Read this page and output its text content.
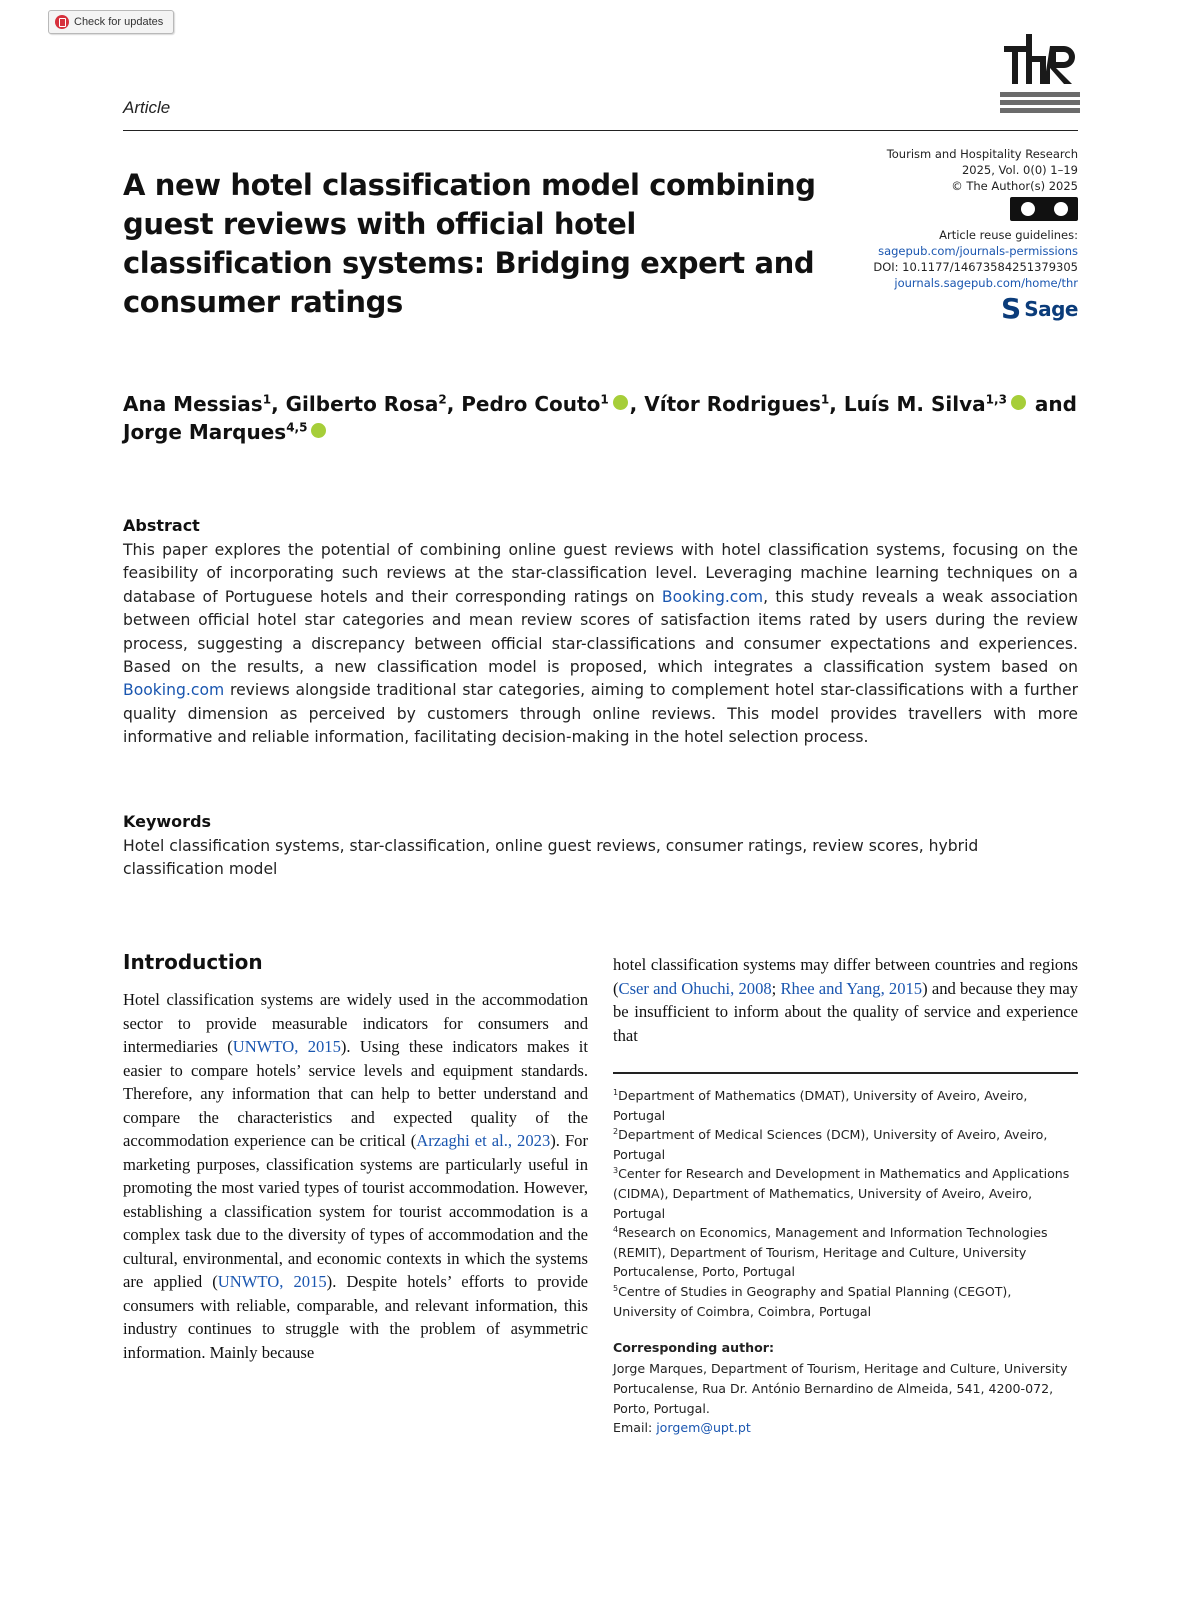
Check for updates
Article
A new hotel classification model combining guest reviews with official hotel classification systems: Bridging expert and consumer ratings
Tourism and Hospitality Research
2025, Vol. 0(0) 1–19
© The Author(s) 2025
Article reuse guidelines:
sagepub.com/journals-permissions
DOI: 10.1177/14673584251379305
journals.sagepub.com/home/thr
S Sage

Ana Messias$^1$, Gilberto Rosa$^2$, Pedro Couto$^1$ , Vítor Rodrigues$^1$, Luís M. Silva$^{1,3}$ and Jorge Marques$^{4,5}$

Abstract

This paper explores the potential of combining online guest reviews with hotel classification systems, focusing on the feasibility of incorporating such reviews at the star-classification level. Leveraging machine learning techniques on a database of Portuguese hotels and their corresponding ratings on Booking.com, this study reveals a weak association between official hotel star categories and mean review scores of satisfaction items rated by users during the review process, suggesting a discrepancy between official star-classifications and consumer expectations and experiences. Based on the results, a new classification model is proposed, which integrates a classification system based on Booking.com reviews alongside traditional star categories, aiming to complement hotel star-classifications with a further quality dimension as perceived by customers through online reviews. This model provides travellers with more informative and reliable information, facilitating decision-making in the hotel selection process.

Keywords

Hotel classification systems, star-classification, online guest reviews, consumer ratings, review scores, hybrid classification model

Introduction

Hotel classification systems are widely used in the accommodation sector to provide measurable indicators for consumers and intermediaries (UNWTO, 2015). Using these indicators makes it easier to compare hotels’ service levels and equipment standards. Therefore, any information that can help to better understand and compare the characteristics and expected quality of the accommodation experience can be critical (Arzaghi et al., 2023). For marketing purposes, classification systems are particularly useful in promoting the most varied types of tourist accommodation. However, establishing a classification system for tourist accommodation is a complex task due to the diversity of types of accommodation and the cultural, environmental, and economic contexts in which the systems are applied (UNWTO, 2015). Despite hotels’ efforts to provide consumers with reliable, comparable, and relevant information, this industry continues to struggle with the problem of asymmetric information. Mainly because

hotel classification systems may differ between countries and regions (Cser and Ohuchi, 2008; Rhee and Yang, 2015) and because they may be insufficient to inform about the quality of service and experience that

$^1$Department of Mathematics (DMAT), University of Aveiro, Aveiro, Portugal
$^2$Department of Medical Sciences (DCM), University of Aveiro, Aveiro, Portugal
$^3$Center for Research and Development in Mathematics and Applications (CIDMA), Department of Mathematics, University of Aveiro, Aveiro, Portugal
$^4$Research on Economics, Management and Information Technologies (REMIT), Department of Tourism, Heritage and Culture, University Portucalense, Porto, Portugal
$^5$Centre of Studies in Geography and Spatial Planning (CEGOT), University of Coimbra, Coimbra, Portugal
Corresponding author:
Jorge Marques, Department of Tourism, Heritage and Culture, University Portucalense, Rua Dr. António Bernardino de Almeida, 541, 4200-072, Porto, Portugal.
Email: jorgem@upt.pt
